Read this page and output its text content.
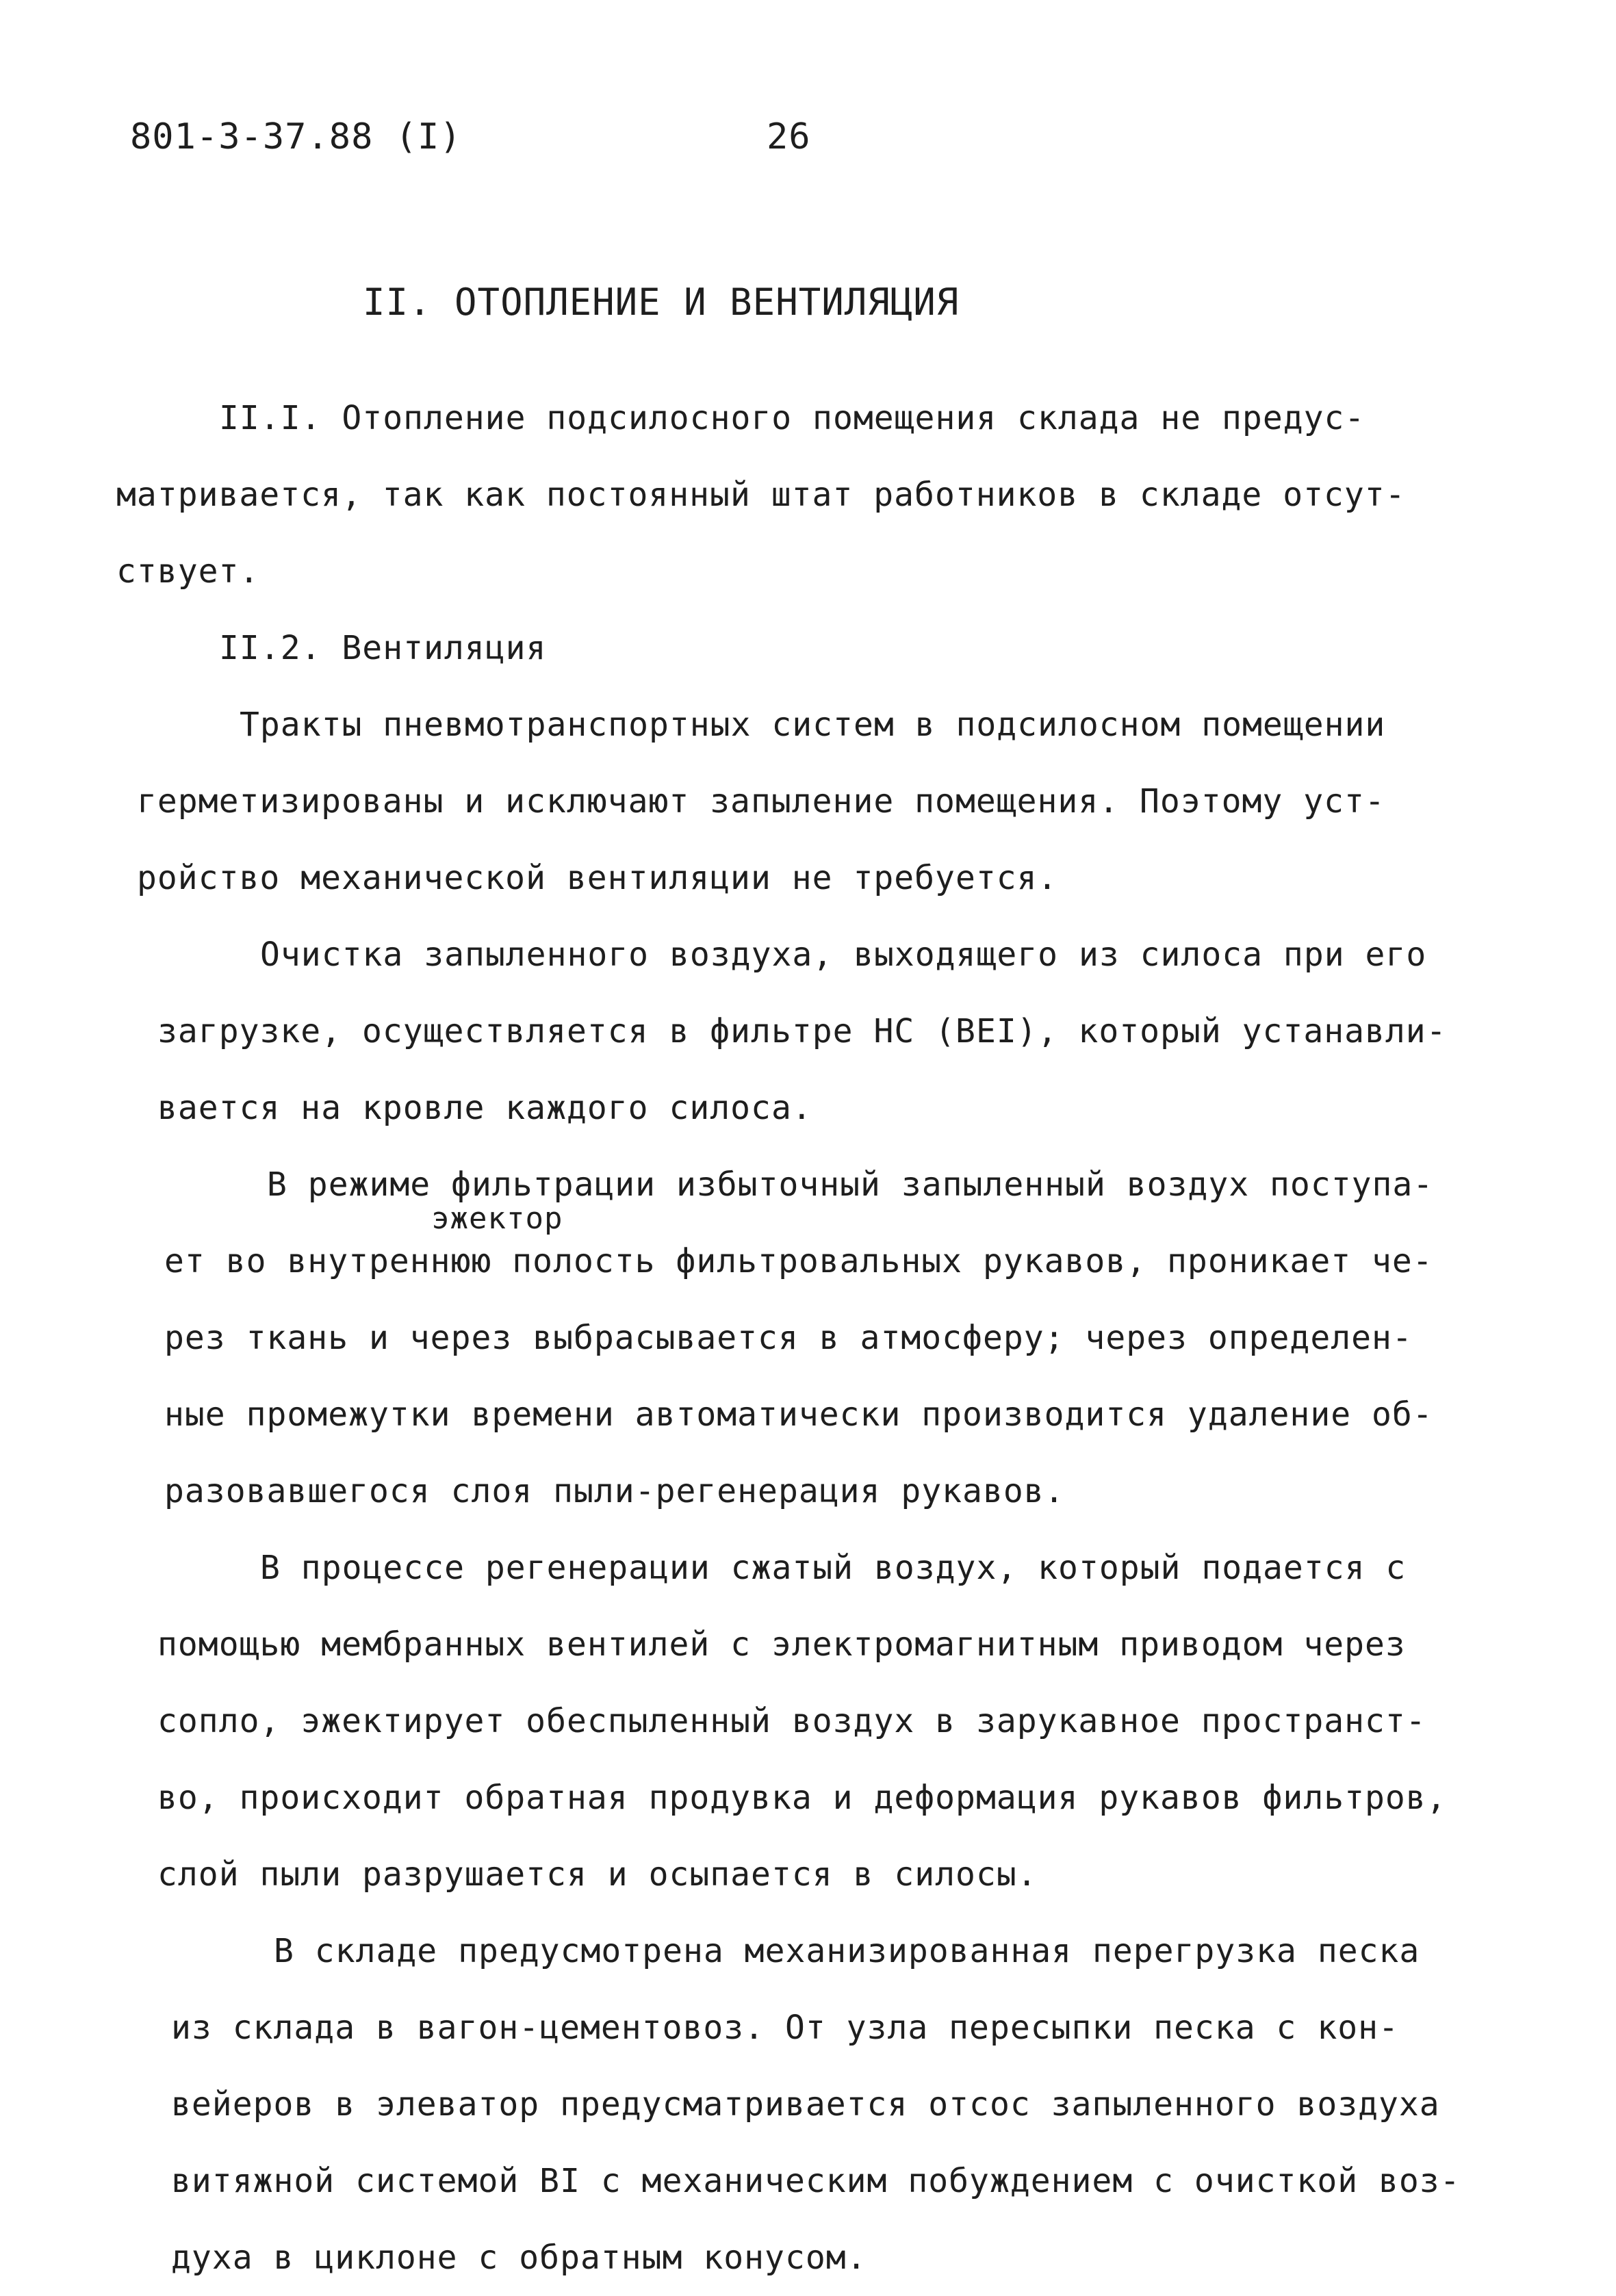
801-3-37.88 (I)	26
II. ОТОПЛЕНИЕ И ВЕНТИЛЯЦИЯ
эжектор
II.I. Отопление подсилосного помещения склада не предус-
матривается, так как постоянный штат работников в складе отсут-
ствует.
II.2. Вентиляция
Тракты пневмотранспортных систем в подсилосном помещении
герметизированы и исключают запыление помещения. Поэтому уст-
ройство механической вентиляции не требуется.
Очистка запыленного воздуха, выходящего из силоса при его
загрузке, осуществляется в фильтре НС (ВЕI), который устанавли-
вается на кровле каждого силоса.
В режиме фильтрации избыточный запыленный воздух поступа-
ет во внутреннюю полость фильтровальных рукавов, проникает че-
рез ткань и через выбрасывается в атмосферу; через определен-
ные промежутки времени автоматически производится удаление об-
разовавшегося слоя пыли-регенерация рукавов.
В процессе регенерации сжатый воздух, который подается с
помощью мембранных вентилей с электромагнитным приводом через
сопло, эжектирует обеспыленный воздух в зарукавное пространст-
во, происходит обратная продувка и деформация рукавов фильтров,
слой пыли разрушается и осыпается в силосы.
В складе предусмотрена механизированная перегрузка песка
из склада в вагон-цементовоз. От узла пересыпки песка с кон-
вейеров в элеватор предусматривается отсос запыленного воздуха
витяжной системой ВI с механическим побуждением с очисткой воз-
духа в циклоне с обратным конусом.
